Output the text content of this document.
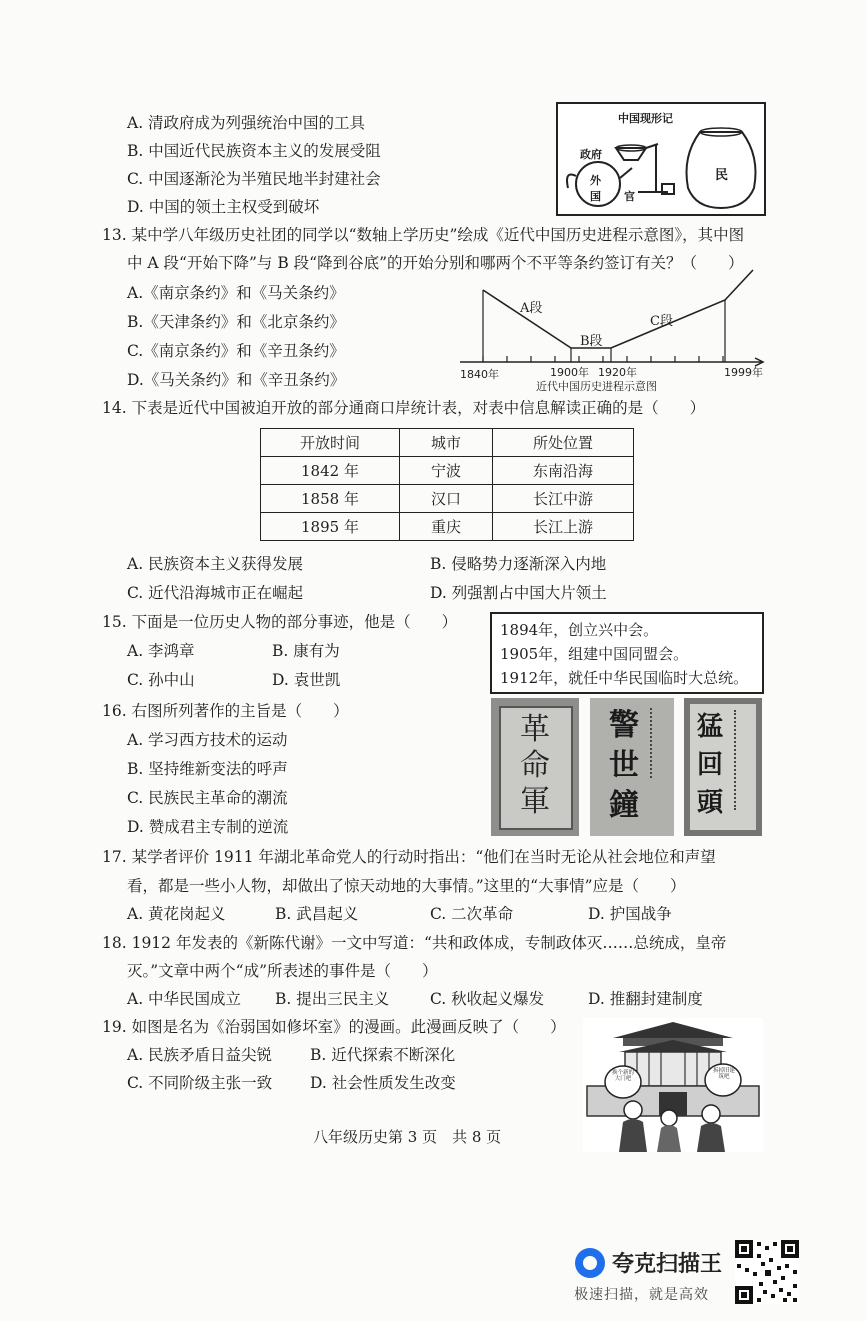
A. 清政府成为列强统治中国的工具
B. 中国近代民族资本主义的发展受阻
C. 中国逐渐沦为半殖民地半封建社会
D. 中国的领土主权受到破坏
中国现形记
政府
外
国 官
民
13. 某中学八年级历史社团的同学以“数轴上学历史”绘成《近代中国历史进程示意图》，其中图
中 A 段“开始下降”与 B 段“降到谷底”的开始分别和哪两个不平等条约签订有关？（　　）
A.《南京条约》和《马关条约》
B.《天津条约》和《北京条约》
C.《南京条约》和《辛丑条约》
D.《马关条约》和《辛丑条约》
A段
B段
C段
1840年	1900年 1920年	1999年
近代中国历史进程示意图
14. 下表是近代中国被迫开放的部分通商口岸统计表，对表中信息解读正确的是（　　）
开放时间	城市	所处位置
1842 年	宁波	东南沿海
1858 年	汉口	长江中游
1895 年	重庆	长江上游
A. 民族资本主义获得发展	B. 侵略势力逐渐深入内地
C. 近代沿海城市正在崛起	D. 列强割占中国大片领土
15. 下面是一位历史人物的部分事迹，他是（　　）
A. 李鸿章	B. 康有为
C. 孙中山	D. 袁世凯
1894年，创立兴中会。
1905年，组建中国同盟会。
1912年，就任中华民国临时大总统。
16. 右图所列著作的主旨是（　　）
A. 学习西方技术的运动
B. 坚持维新变法的呼声
C. 民族民主革命的潮流
D. 赞成君主专制的逆流
革命軍
警世鐘
猛回頭
17. 某学者评价 1911 年湖北革命党人的行动时指出：“他们在当时无论从社会地位和声望
看，都是一些小人物，却做出了惊天动地的大事情。”这里的“大事情”应是（　　）
A. 黄花岗起义	B. 武昌起义	C. 二次革命	D. 护国战争
18. 1912 年发表的《新陈代谢》一文中写道：“共和政体成，专制政体灭……总统成，皇帝
灭。”文章中两个“成”所表述的事件是（　　）
A. 中华民国成立 B. 提出三民主义	C. 秋收起义爆发	D. 推翻封建制度
19. 如图是名为《治弱国如修坏室》的漫画。此漫画反映了（　　）
A. 民族矛盾日益尖锐 B. 近代探索不断深化
C. 不同阶级主张一致 D. 社会性质发生改变
换个新的大门吧
拆掉旧建筑吧
八年级历史第 3 页　共 8 页
夸克扫描王
极速扫描，就是高效
